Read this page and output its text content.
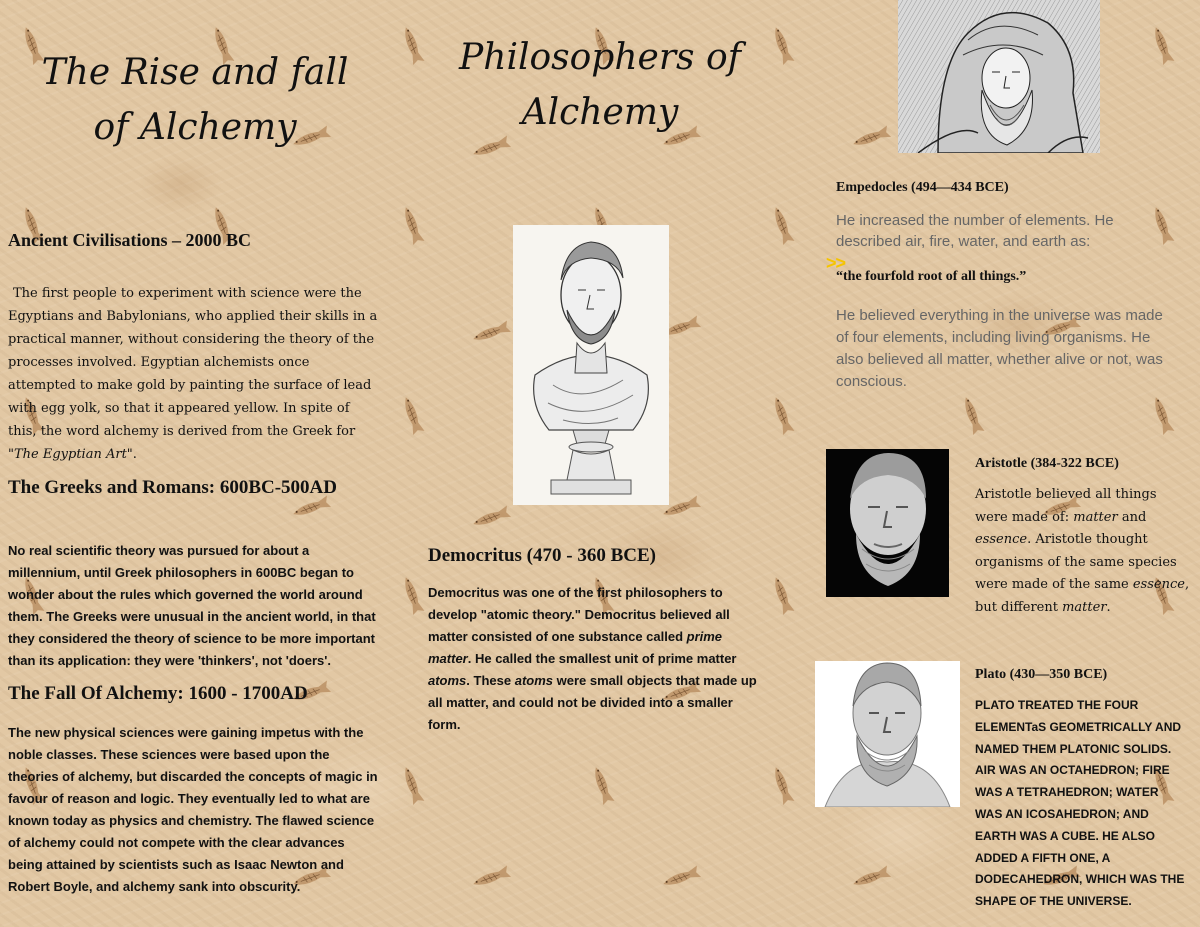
The Rise and fall of Alchemy
Ancient Civilisations – 2000 BC
The first people to experiment with science were the Egyptians and Babylonians, who applied their skills in a practical manner, without considering the theory of the processes involved. Egyptian alchemists once attempted to make gold by painting the surface of lead with egg yolk, so that it appeared yellow. In spite of this, the word alchemy is derived from the Greek for "The Egyptian Art".
The Greeks and Romans: 600BC-500AD
No real scientific theory was pursued for about a millennium, until Greek philosophers in 600BC began to wonder about the rules which governed the world around them. The Greeks were unusual in the ancient world, in that they considered the theory of science to be more important than its application: they were 'thinkers', not 'doers'.
The Fall Of Alchemy: 1600 - 1700AD
The new physical sciences were gaining impetus with the noble classes. These sciences were based upon the theories of alchemy, but discarded the concepts of magic in favour of reason and logic. They eventually led to what are known today as physics and chemistry. The flawed science of alchemy could not compete with the clear advances being attained by scientists such as Isaac Newton and Robert Boyle, and alchemy sank into obscurity.
Philosophers of Alchemy
Democritus (470 - 360 BCE)
Democritus was one of the first philosophers to develop "atomic theory." Democritus believed all matter consisted of one substance called prime matter. He called the smallest unit of prime matter atoms. These atoms were small objects that made up all matter, and could not be divided into a smaller form.
Empedocles (494—434 BCE)
He increased the number of elements. He described air, fire, water, and earth as:
>>
“the fourfold root of all things.”
He believed everything in the universe was made of four elements, including living organisms. He also believed all matter, whether alive or not, was conscious.
Aristotle (384-322 BCE)
Aristotle believed all things were made of: matter and essence. Aristotle thought organisms of the same species were made of the same essence, but different matter.
Plato (430—350 BCE)
PLATO TREATED THE FOUR ELEMENTaS GEOMETRICALLY AND NAMED THEM PLATONIC SOLIDS. AIR WAS AN OCTAHEDRON; FIRE WAS A TETRAHEDRON; WATER WAS AN ICOSAHEDRON; AND EARTH WAS A CUBE. HE ALSO ADDED A FIFTH ONE, A DODECAHEDRON, WHICH WAS THE SHAPE OF THE UNIVERSE.
